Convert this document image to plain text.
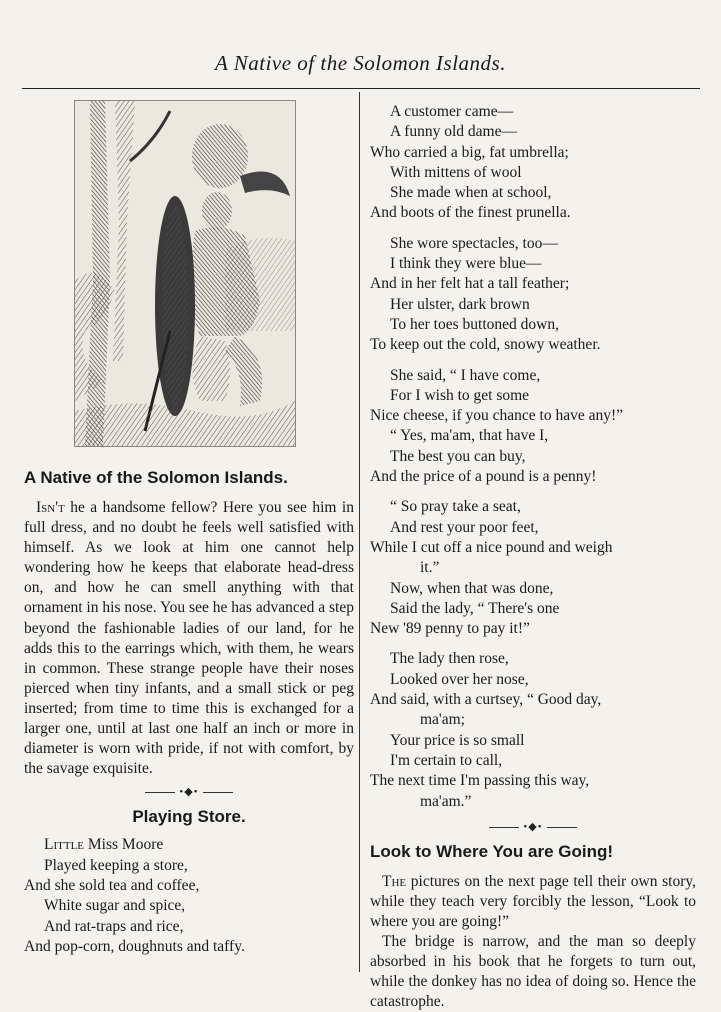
A Native of the Solomon Islands.
A Native of the Solomon Islands.

Isn't he a handsome fellow? Here you see him in full dress, and no doubt he feels well satisfied with himself. As we look at him one cannot help wondering how he keeps that elaborate head-dress on, and how he can smell anything with that ornament in his nose. You see he has advanced a step beyond the fashionable ladies of our land, for he adds this to the earrings which, with them, he wears in common. These strange people have their noses pierced when tiny infants, and a small stick or peg inserted; from time to time this is exchanged for a larger one, until at last one half an inch or more in diameter is worn with pride, if not with comfort, by the savage exquisite.

•◆•
Playing Store.
Little Miss Moore
Played keeping a store,
And she sold tea and coffee,
White sugar and spice,
And rat-traps and rice,
And pop-corn, doughnuts and taffy.
A customer came—
A funny old dame—
Who carried a big, fat umbrella;
With mittens of wool
She made when at school,
And boots of the finest prunella.
She wore spectacles, too—
I think they were blue—
And in her felt hat a tall feather;
Her ulster, dark brown
To her toes buttoned down,
To keep out the cold, snowy weather.
She said, “ I have come,
For I wish to get some
Nice cheese, if you chance to have any!”
“ Yes, ma'am, that have I,
The best you can buy,
And the price of a pound is a penny!
“ So pray take a seat,
And rest your poor feet,
While I cut off a nice pound and weigh
it.”
Now, when that was done,
Said the lady, “ There's one
New '89 penny to pay it!”
The lady then rose,
Looked over her nose,
And said, with a curtsey, “ Good day,
ma'am;
Your price is so small
I'm certain to call,
The next time I'm passing this way,
ma'am.”
•◆•
Look to Where You are Going!

The pictures on the next page tell their own story, while they teach very forcibly the lesson, “Look to where you are going!”

The bridge is narrow, and the man so deeply absorbed in his book that he forgets to turn out, while the donkey has no idea of doing so. Hence the catastrophe.
